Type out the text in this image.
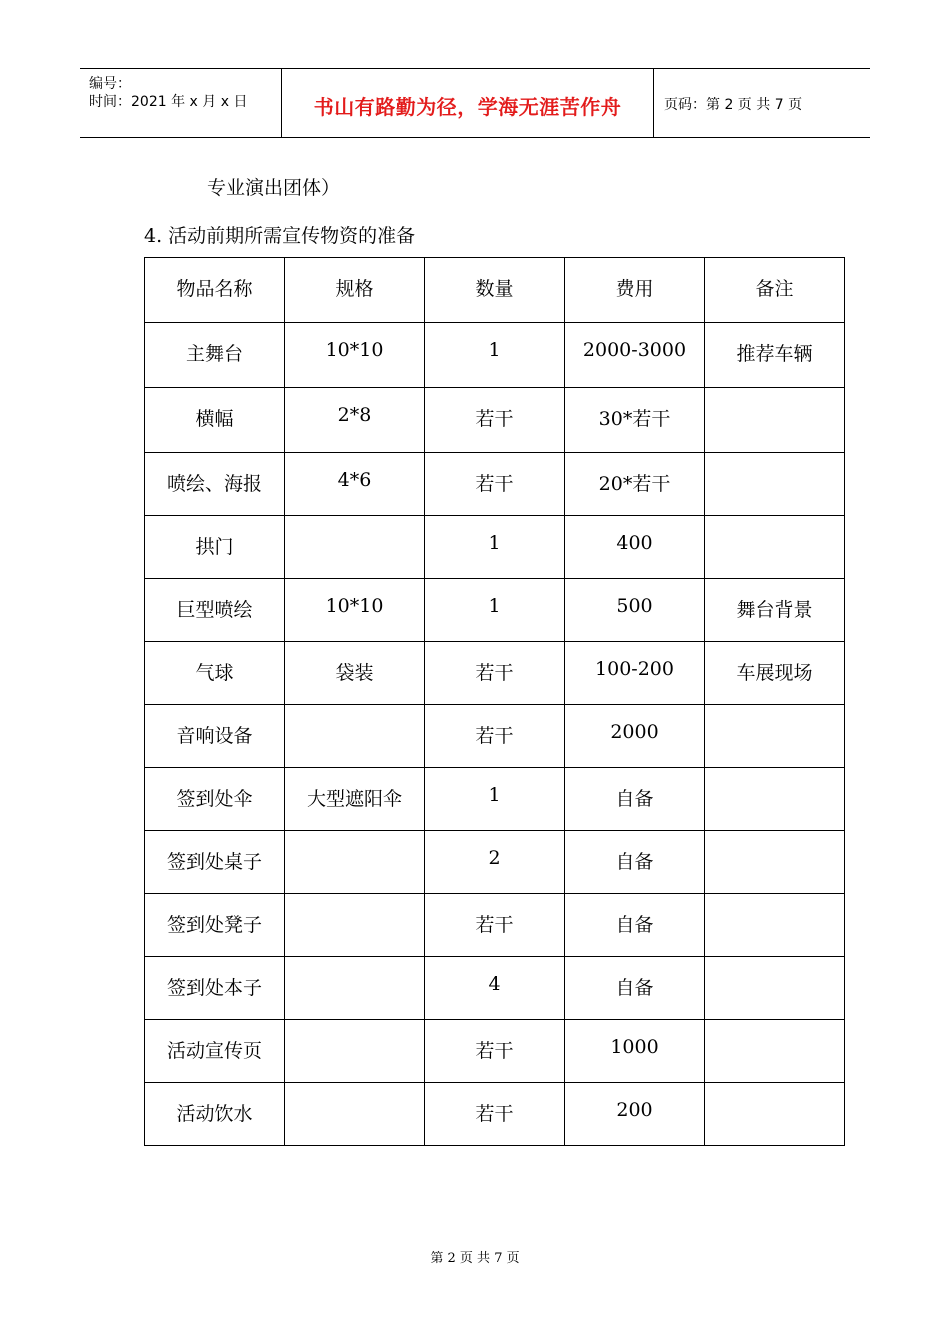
编号：
时间：2021 年 x 月 x 日	书山有路勤为径，学海无涯苦作舟	页码：第 2 页 共 7 页
专业演出团体）
4. 活动前期所需宣传物资的准备
物品名称	规格	数量	费用	备注
主舞台	10*10	1	2000-3000	推荐车辆
横幅	2*8	若干	30*若干	
喷绘、海报	4*6	若干	20*若干	
拱门		1	400	
巨型喷绘	10*10	1	500	舞台背景
气球	袋装	若干	100-200	车展现场
音响设备		若干	2000	
签到处伞	大型遮阳伞	1	自备	
签到处桌子		2	自备	
签到处凳子		若干	自备	
签到处本子		4	自备	
活动宣传页		若干	1000	
活动饮水		若干	200	
第 2 页 共 7 页
